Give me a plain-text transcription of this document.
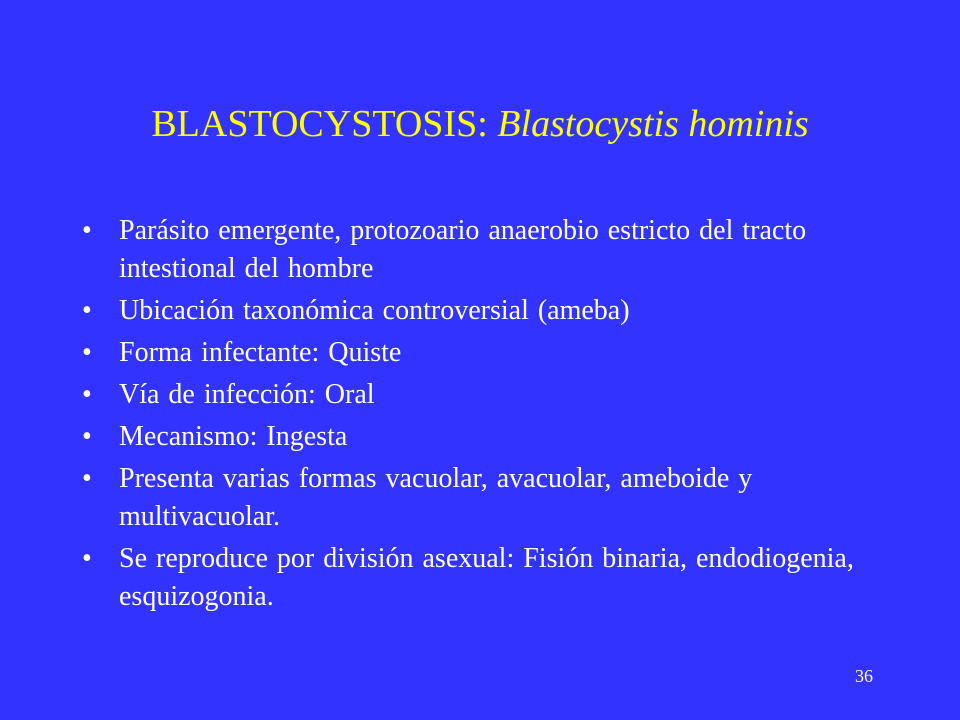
BLASTOCYSTOSIS: Blastocystis hominis
• Parásito emergente, protozoario anaerobio estricto del tracto intestional del hombre
• Ubicación taxonómica controversial (ameba)
• Forma infectante: Quiste
• Vía de infección: Oral
• Mecanismo: Ingesta
• Presenta varias formas vacuolar, avacuolar, ameboide y multivacuolar.
• Se reproduce por división asexual: Fisión binaria, endodiogenia, esquizogonia.
36
